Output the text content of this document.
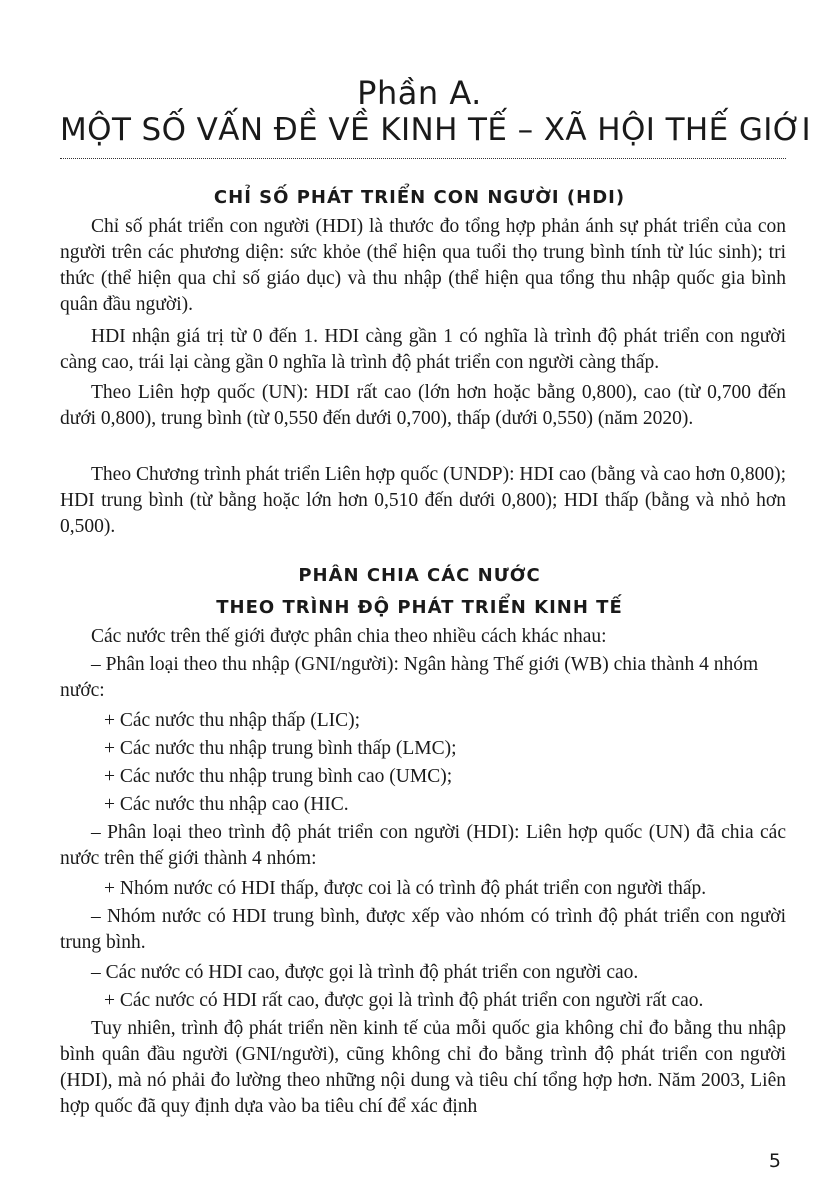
Phần A.
MỘT SỐ VẤN ĐỀ VỀ KINH TẾ – XÃ HỘI THẾ GIỚI
CHỈ SỐ PHÁT TRIỂN CON NGƯỜI (HDI)

Chỉ số phát triển con người (HDI) là thước đo tổng hợp phản ánh sự phát triển của con người trên các phương diện: sức khỏe (thể hiện qua tuổi thọ trung bình tính từ lúc sinh); tri thức (thể hiện qua chỉ số giáo dục) và thu nhập (thể hiện qua tổng thu nhập quốc gia bình quân đầu người).

HDI nhận giá trị từ 0 đến 1. HDI càng gần 1 có nghĩa là trình độ phát triển con người càng cao, trái lại càng gần 0 nghĩa là trình độ phát triển con người càng thấp.

Theo Liên hợp quốc (UN): HDI rất cao (lớn hơn hoặc bằng 0,800), cao (từ 0,700 đến dưới 0,800), trung bình (từ 0,550 đến dưới 0,700), thấp (dưới 0,550) (năm 2020).

Theo Chương trình phát triển Liên hợp quốc (UNDP): HDI cao (bằng và cao hơn 0,800); HDI trung bình (từ bằng hoặc lớn hơn 0,510 đến dưới 0,800); HDI thấp (bằng và nhỏ hơn 0,500).

PHÂN CHIA CÁC NƯỚC
THEO TRÌNH ĐỘ PHÁT TRIỂN KINH TẾ

Các nước trên thế giới được phân chia theo nhiều cách khác nhau:

– Phân loại theo thu nhập (GNI/người): Ngân hàng Thế giới (WB) chia thành 4 nhóm nước:

+ Các nước thu nhập thấp (LIC);

+ Các nước thu nhập trung bình thấp (LMC);

+ Các nước thu nhập trung bình cao (UMC);

+ Các nước thu nhập cao (HIC.

– Phân loại theo trình độ phát triển con người (HDI): Liên hợp quốc (UN) đã chia các nước trên thế giới thành 4 nhóm:

+ Nhóm nước có HDI thấp, được coi là có trình độ phát triển con người thấp.

– Nhóm nước có HDI trung bình, được xếp vào nhóm có trình độ phát triển con người trung bình.

– Các nước có HDI cao, được gọi là trình độ phát triển con người cao.

+ Các nước có HDI rất cao, được gọi là trình độ phát triển con người rất cao.

Tuy nhiên, trình độ phát triển nền kinh tế của mỗi quốc gia không chỉ đo bằng thu nhập bình quân đầu người (GNI/người), cũng không chỉ đo bằng trình độ phát triển con người (HDI), mà nó phải đo lường theo những nội dung và tiêu chí tổng hợp hơn. Năm 2003, Liên hợp quốc đã quy định dựa vào ba tiêu chí để xác định

5
